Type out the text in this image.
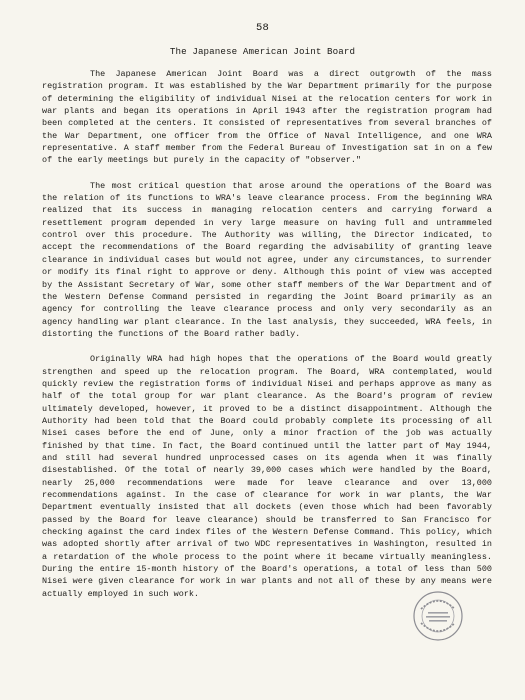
58
The Japanese American Joint Board

The Japanese American Joint Board was a direct outgrowth of the mass registration program. It was established by the War Department primarily for the purpose of determining the eligibility of individual Nisei at the relocation centers for work in war plants and began its operations in April 1943 after the registration program had been completed at the centers. It consisted of representatives from several branches of the War Department, one officer from the Office of Naval Intelligence, and one WRA representative. A staff member from the Federal Bureau of Investigation sat in on a few of the early meetings but purely in the capacity of "observer."

The most critical question that arose around the operations of the Board was the relation of its functions to WRA's leave clearance process. From the beginning WRA realized that its success in managing relocation centers and carrying forward a resettlement program depended in very large measure on having full and untrammeled control over this procedure. The Authority was willing, the Director indicated, to accept the recommendations of the Board regarding the advisability of granting leave clearance in individual cases but would not agree, under any circumstances, to surrender or modify its final right to approve or deny. Although this point of view was accepted by the Assistant Secretary of War, some other staff members of the War Department and of the Western Defense Command persisted in regarding the Joint Board primarily as an agency for controlling the leave clearance process and only very secondarily as an agency handling war plant clearance. In the last analysis, they succeeded, WRA feels, in distorting the functions of the Board rather badly.

Originally WRA had high hopes that the operations of the Board would greatly strengthen and speed up the relocation program. The Board, WRA contemplated, would quickly review the registration forms of individual Nisei and perhaps approve as many as half of the total group for war plant clearance. As the Board's program of review ultimately developed, however, it proved to be a distinct disappointment. Although the Authority had been told that the Board could probably complete its processing of all Nisei cases before the end of June, only a minor fraction of the job was actually finished by that time. In fact, the Board continued until the latter part of May 1944, and still had several hundred unprocessed cases on its agenda when it was finally disestablished. Of the total of nearly 39,000 cases which were handled by the Board, nearly 25,000 recommendations were made for leave clearance and over 13,000 recommendations against. In the case of clearance for work in war plants, the War Department eventually insisted that all dockets (even those which had been favorably passed by the Board for leave clearance) should be transferred to San Francisco for checking against the card index files of the Western Defense Command. This policy, which was adopted shortly after arrival of two WDC representatives in Washington, resulted in a retardation of the whole process to the point where it became virtually meaningless. During the entire 15-month history of the Board's operations, a total of less than 500 Nisei were given clearance for work in war plants and not all of these by any means were actually employed in such work.
